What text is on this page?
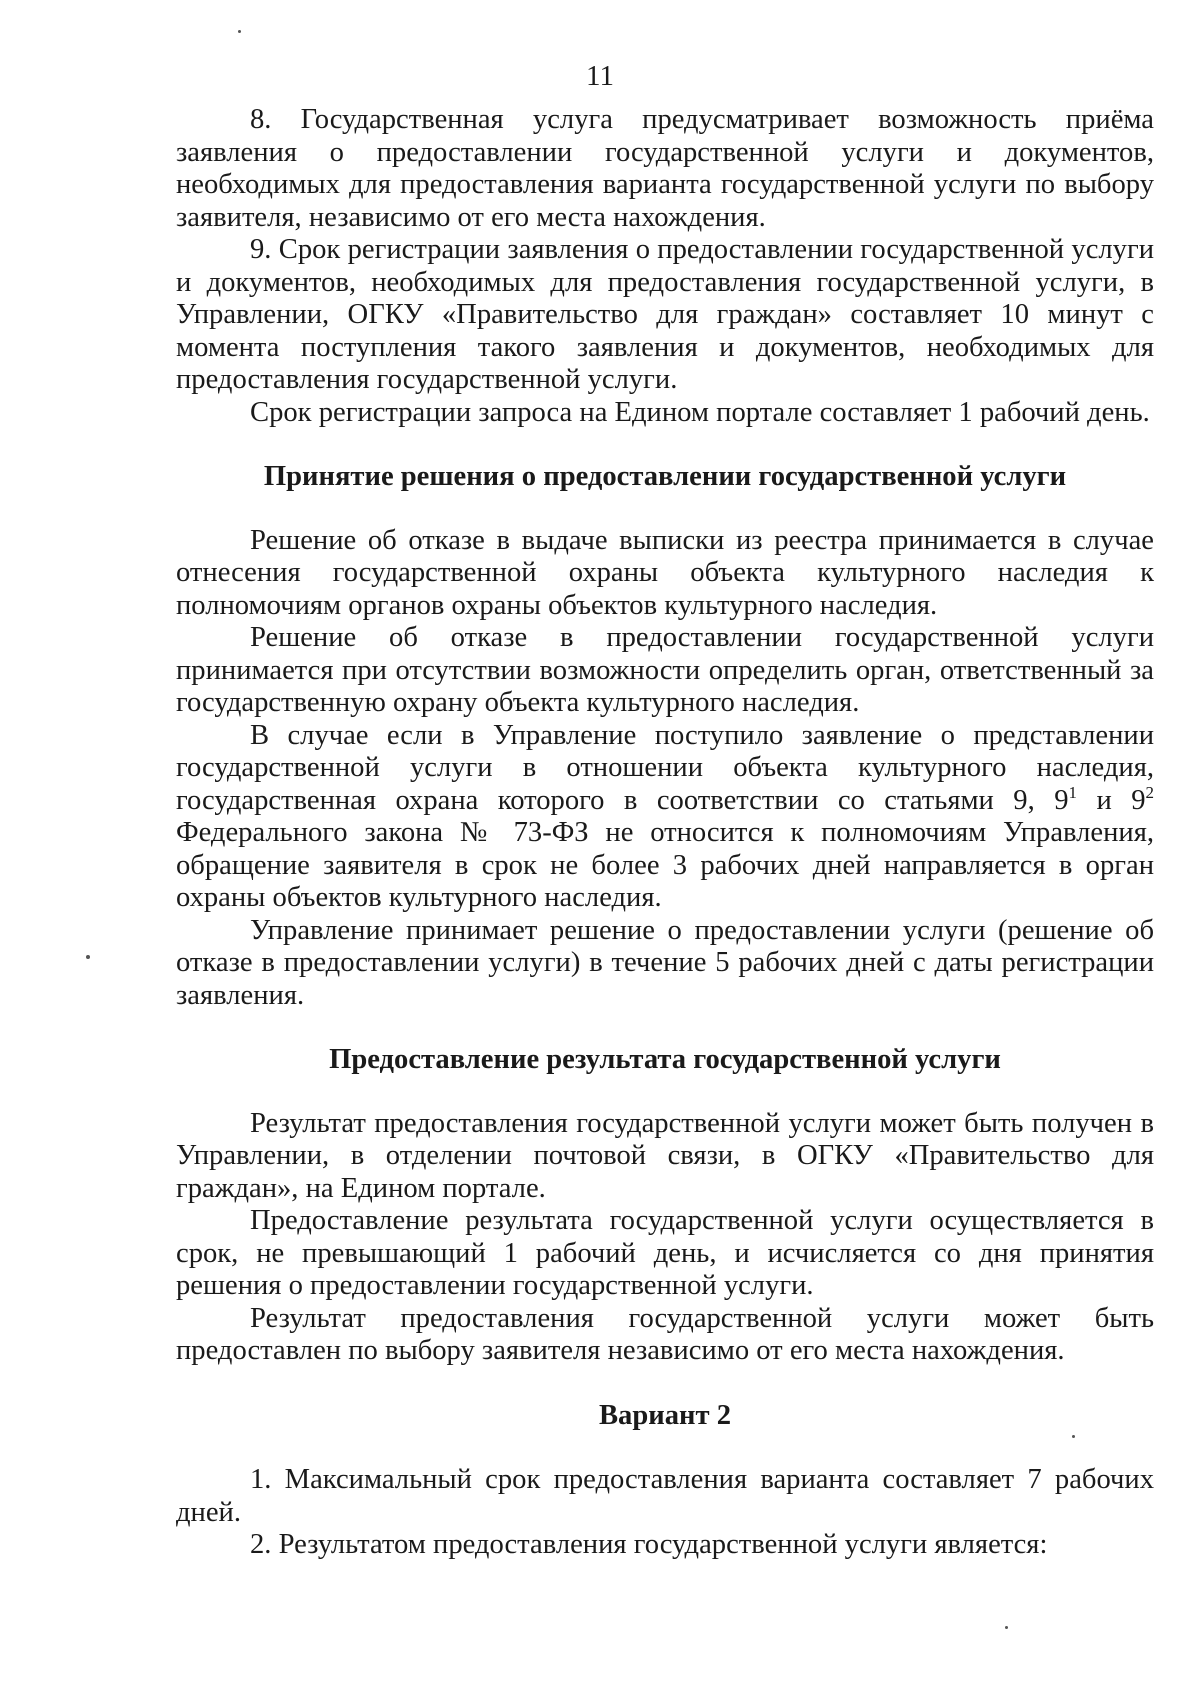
11

8. Государственная услуга предусматривает возможность приёма заявления о предоставлении государственной услуги и документов, необходимых для предоставления варианта государственной услуги по выбору заявителя, независимо от его места нахождения.

9. Срок регистрации заявления о предоставлении государственной услуги и документов, необходимых для предоставления государственной услуги, в Управлении, ОГКУ «Правительство для граждан» составляет 10 минут с момента поступления такого заявления и документов, необходимых для предоставления государственной услуги.

Срок регистрации запроса на Едином портале составляет 1 рабочий день.

Принятие решения о предоставлении государственной услуги

Решение об отказе в выдаче выписки из реестра принимается в случае отнесения государственной охраны объекта культурного наследия к полномочиям органов охраны объектов культурного наследия.

Решение об отказе в предоставлении государственной услуги принимается при отсутствии возможности определить орган, ответственный за государственную охрану объекта культурного наследия.

В случае если в Управление поступило заявление о представлении государственной услуги в отношении объекта культурного наследия, государственная охрана которого в соответствии со статьями 9, $9^1$ и $9^2$ Федерального закона № 73-ФЗ не относится к полномочиям Управления, обращение заявителя в срок не более 3 рабочих дней направляется в орган охраны объектов культурного наследия.

Управление принимает решение о предоставлении услуги (решение об отказе в предоставлении услуги) в течение 5 рабочих дней с даты регистрации заявления.

Предоставление результата государственной услуги

Результат предоставления государственной услуги может быть получен в Управлении, в отделении почтовой связи, в ОГКУ «Правительство для граждан», на Едином портале.

Предоставление результата государственной услуги осуществляется в срок, не превышающий 1 рабочий день, и исчисляется со дня принятия решения о предоставлении государственной услуги.

Результат предоставления государственной услуги может быть предоставлен по выбору заявителя независимо от его места нахождения.

Вариант 2

1. Максимальный срок предоставления варианта составляет 7 рабочих дней.

2. Результатом предоставления государственной услуги является:
